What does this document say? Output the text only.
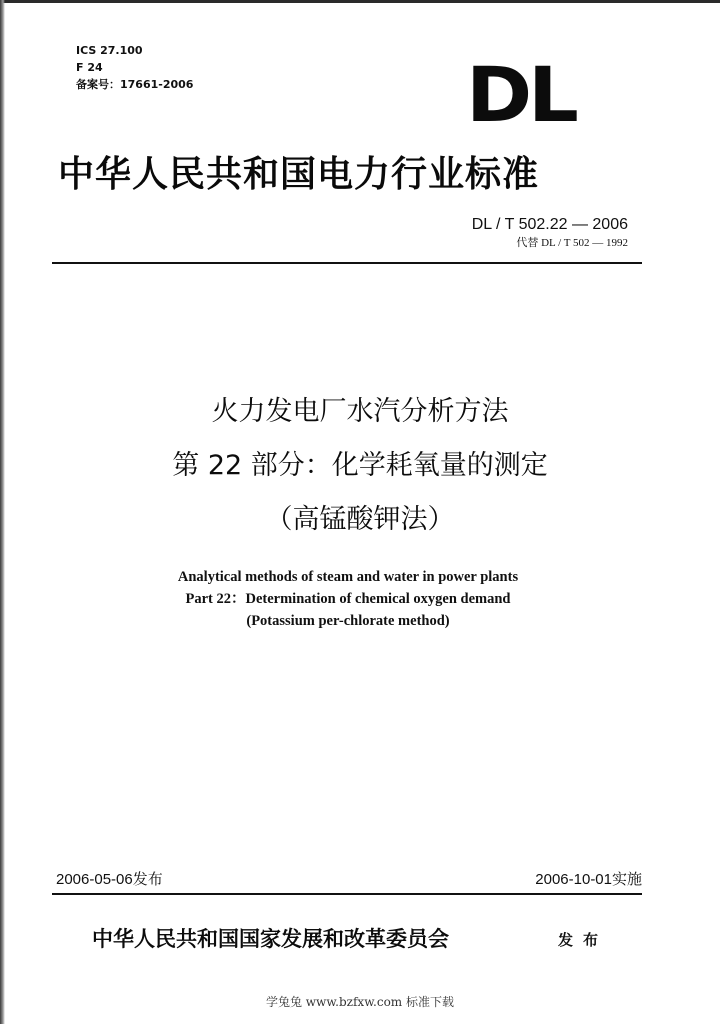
ICS 27.100
F 24
备案号：17661-2006	DL
中华人民共和国电力行业标准
DL / T 502.22 — 2006
代替 DL / T 502 — 1992
火力发电厂水汽分析方法
第 22 部分：化学耗氧量的测定
（高锰酸钾法）
Analytical methods of steam and water in power plants
Part 22：Determination of chemical oxygen demand
(Potassium per-chlorate method)
2006-05-06发布	2006-10-01实施
中华人民共和国国家发展和改革委员会	发布
学兔兔 www.bzfxw.com 标准下载
